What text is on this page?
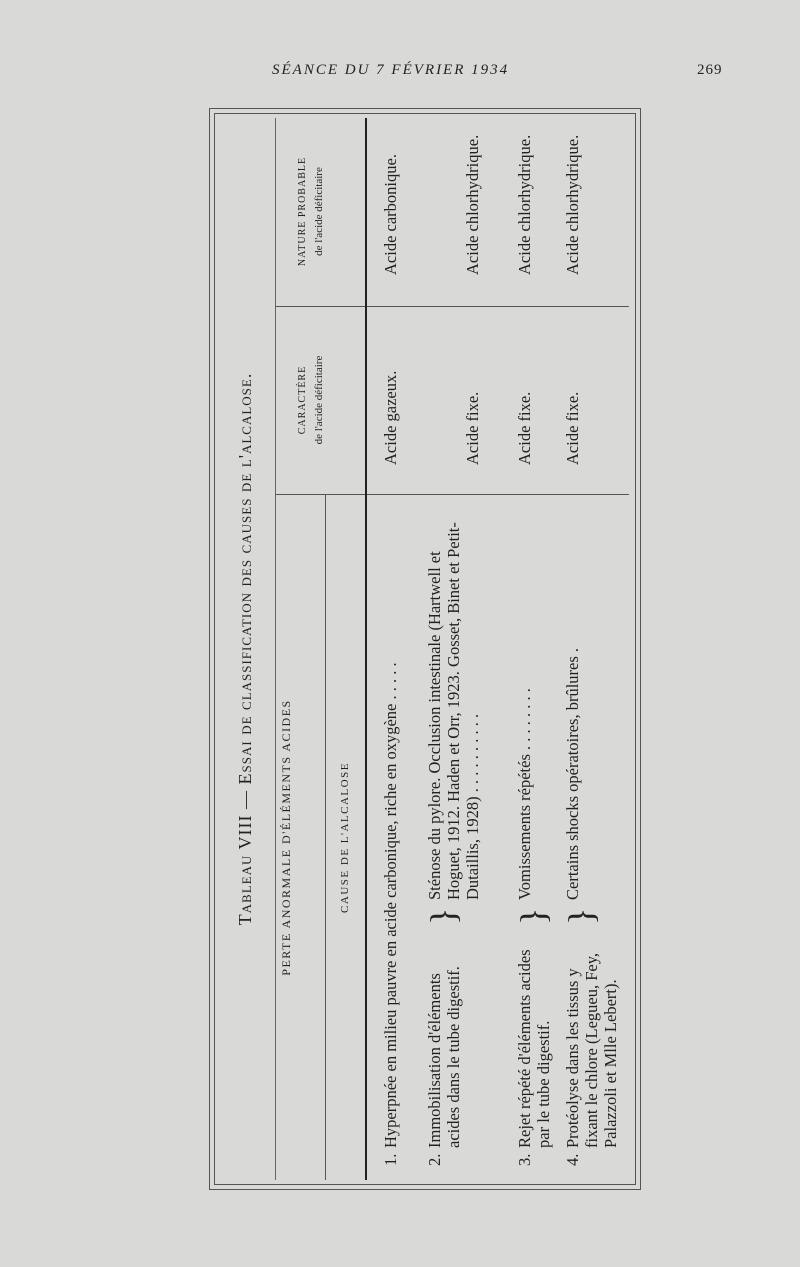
SÉANCE DU 7 FÉVRIER 1934	269
Tableau VIII — Essai de classification des causes de l'alcalose.
PERTE ANORMALE D'ÉLÉMENTS ACIDES	CAUSE DE L'ALCALOSE
CARACTÈRE de l'acide déficitaire
NATURE PROBABLE de l'acide déficitaire
1.
Hyperpnée en milieu pauvre en acide carbonique, riche en oxygène . . . . .
Acide gazeux.
Acide carbonique.
2.
Immobilisation d'éléments acides dans le tube digestif.
}
Sténose du pylore. Occlusion intestinale (Hartwell et Hoguet, 1912. Haden et Orr, 1923. Gosset, Binet et Petit-Dutaillis, 1928) . . . . . . . . . .
Acide fixe.
Acide chlorhydrique.
3.
Rejet répété d'éléments acides par le tube digestif.
}
Vomissements répétés . . . . . . . .
Acide fixe.
Acide chlorhydrique.
4.
Protéolyse dans les tissus y fixant le chlore (Legueu, Fey, Palazzoli et Mlle Lebert).
}
Certains shocks opératoires, brûlures .
Acide fixe.
Acide chlorhydrique.
